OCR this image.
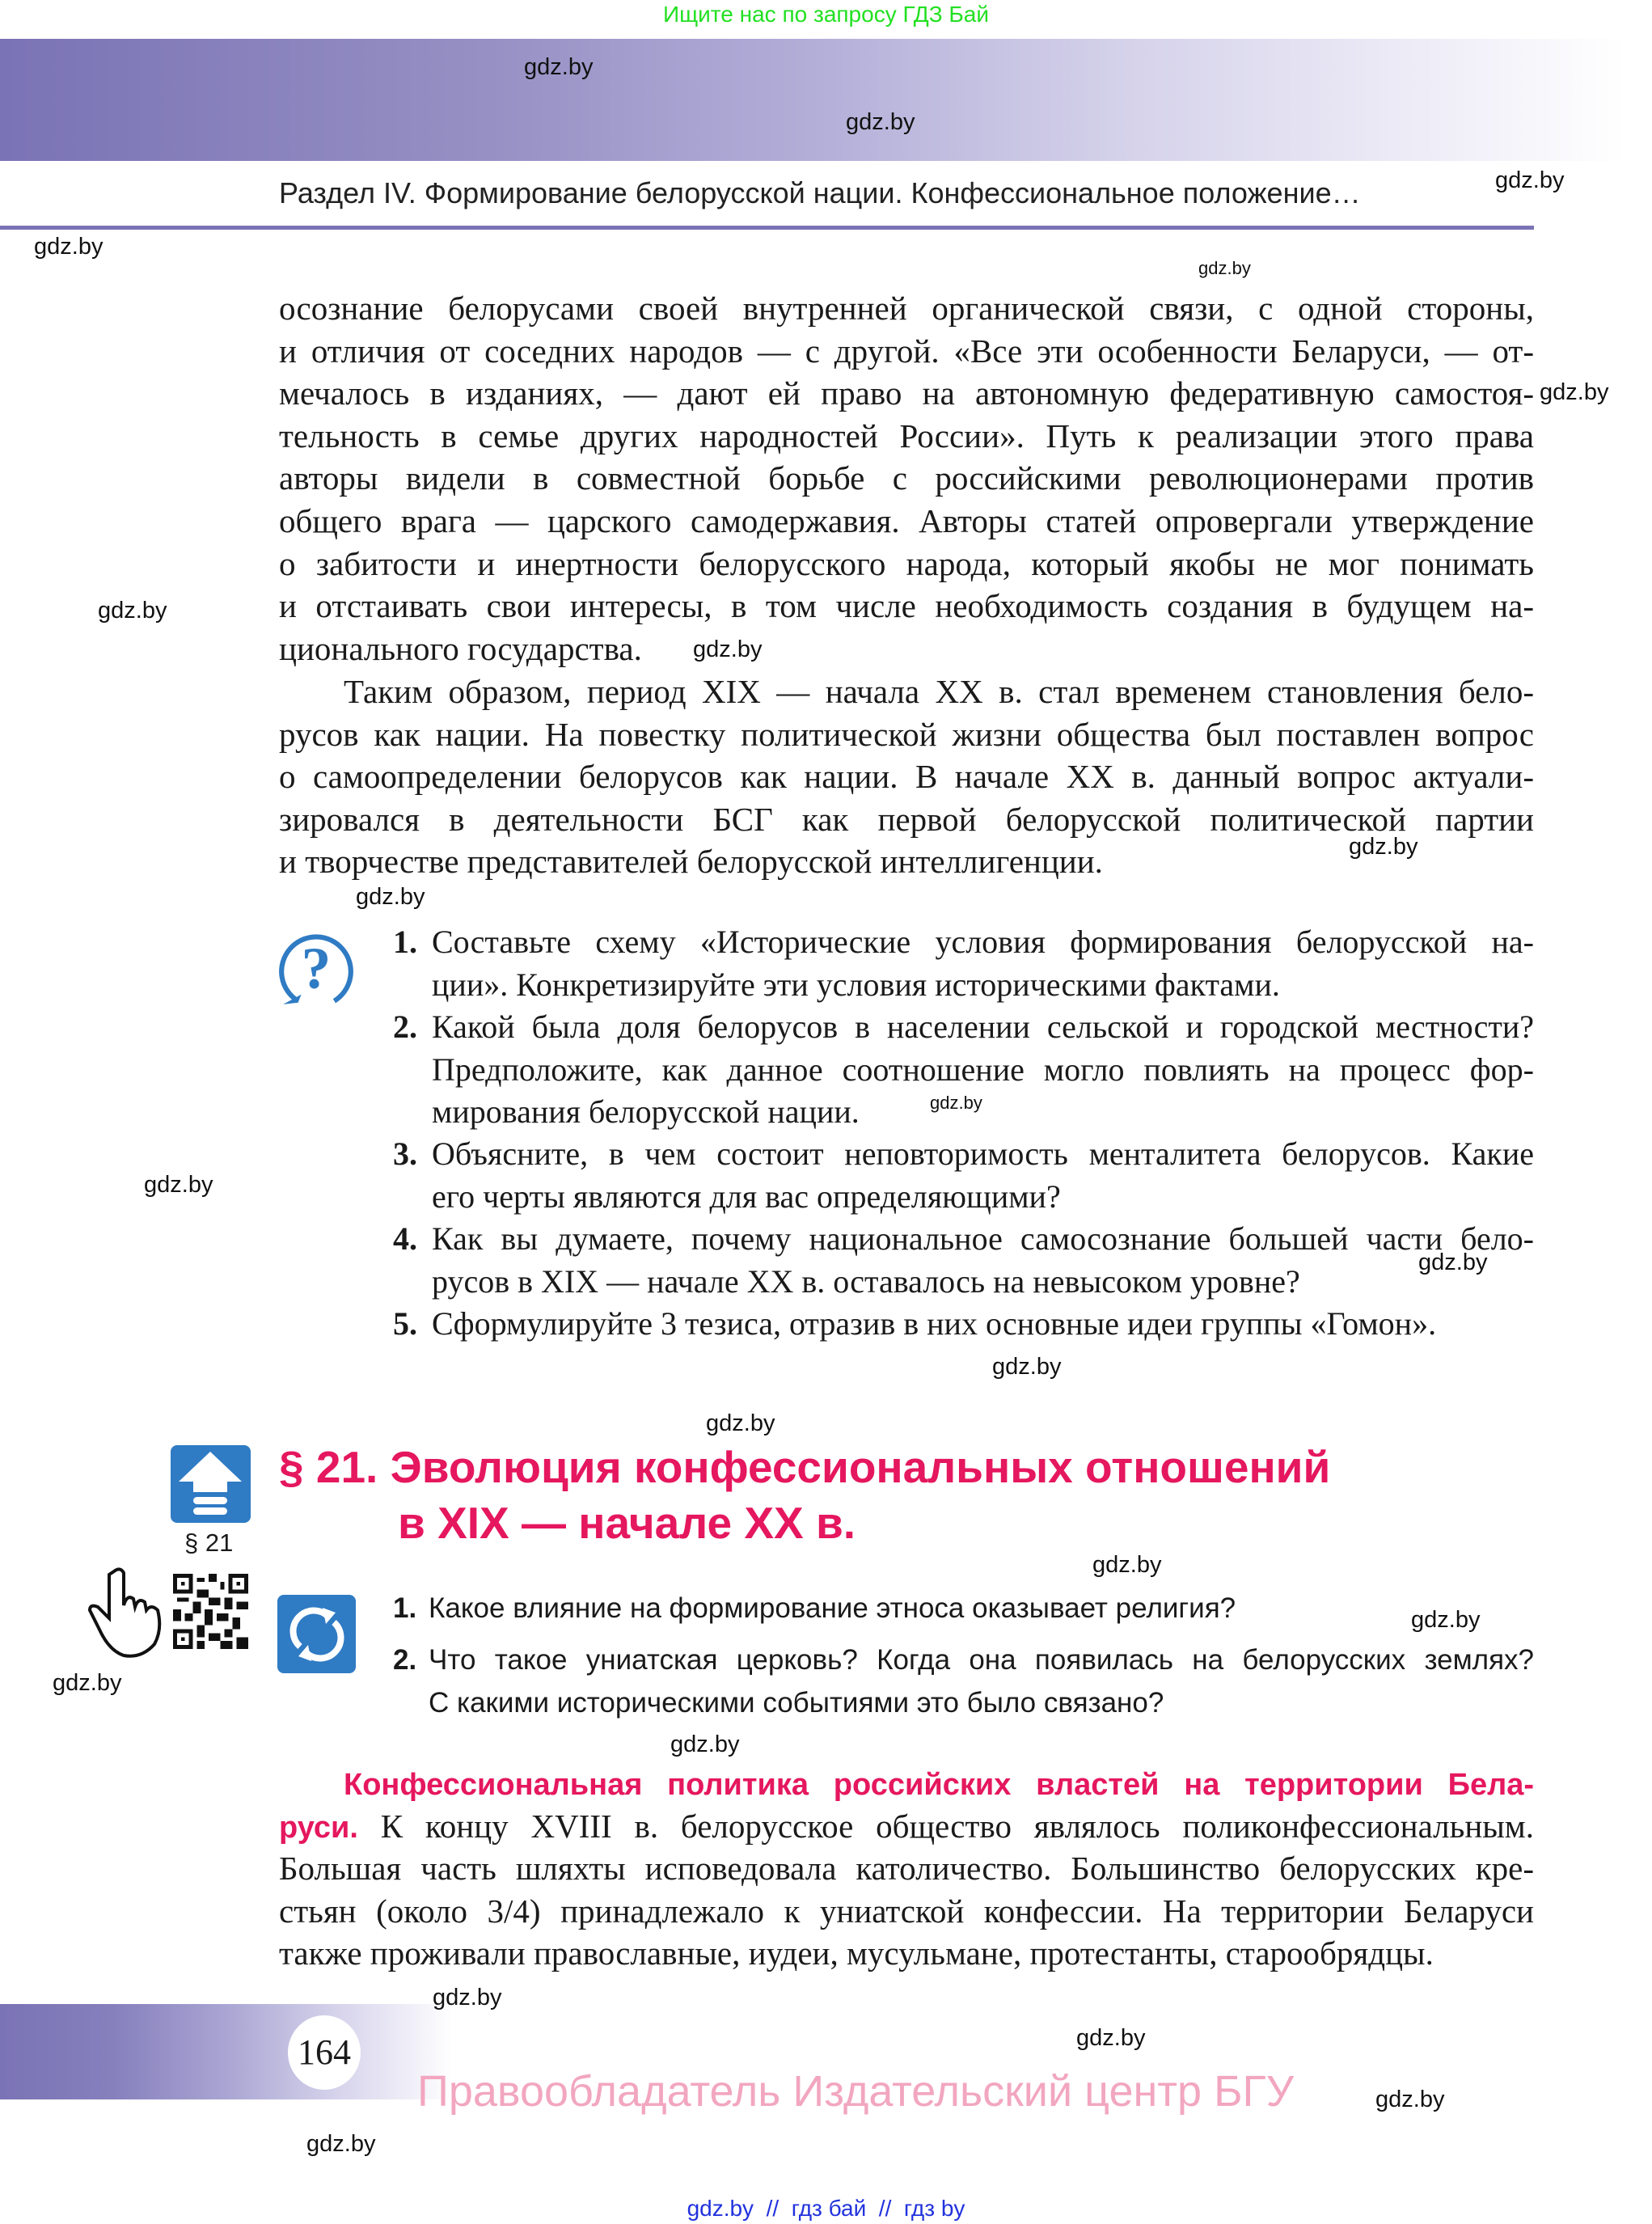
Ищите нас по запросу ГДЗ Бай
Раздел IV. Формирование белорусской нации. Конфессиональное положение…
осознание белорусами своей внутренней органической связи, с одной стороны,
и отличия от соседних народов — с другой. «Все эти особенности Беларуси, — от-
мечалось в изданиях, — дают ей право на автономную федеративную самостоя-
тельность в семье других народностей России». Путь к реализации этого права
авторы видели в совместной борьбе с российскими революционерами против
общего врага — царского самодержавия. Авторы статей опровергали утверждение
о забитости и инертности белорусского народа, который якобы не мог понимать
и отстаивать свои интересы, в том числе необходимость создания в будущем на-
ционального государства.
Таким образом, период XIX — начала XX в. стал временем становления бело-
русов как нации. На повестку политической жизни общества был поставлен вопрос
о самоопределении белорусов как нации. В начале XX в. данный вопрос актуали-
зировался в деятельности БСГ как первой белорусской политической партии
и творчестве представителей белорусской интеллигенции.
? 1. Составьте схему «Исторические условия формирования белорусской на-
ции». Конкретизируйте эти условия историческими фактами.
2. Какой была доля белорусов в населении сельской и городской местности?
Предположите, как данное соотношение могло повлиять на процесс фор-
мирования белорусской нации.
3. Объясните, в чем состоит неповторимость менталитета белорусов. Какие
его черты являются для вас определяющими?
4. Как вы думаете, почему национальное самосознание большей части бело-
русов в XIX — начале XX в. оставалось на невысоком уровне?
5. Сформулируйте 3 тезиса, отразив в них основные идеи группы «Гомон».
§ 21
§ 21. Эволюция конфессиональных отношений
в XIX — начале XX в.
1. Какое влияние на формирование этноса оказывает религия?
2. Что такое униатская церковь? Когда она появилась на белорусских землях?
С какими историческими событиями это было связано?
Конфессиональная политика российских властей на территории Бела-
руси. К концу XVIII в. белорусское общество являлось поликонфессиональным.
Большая часть шляхты исповедовала католичество. Большинство белорусских кре-
стьян (около 3/4) принадлежало к униатской конфессии. На территории Беларуси
также проживали православные, иудеи, мусульмане, протестанты, старообрядцы.
164
Правообладатель Издательский центр БГУ
gdz.by  //  гдз бай  //  гдз by
gdz.by
gdz.by
gdz.by
gdz.by
gdz.by
gdz.by
gdz.by
gdz.by
gdz.by
gdz.by
gdz.by
gdz.by
gdz.by
gdz.by
gdz.by
gdz.by
gdz.by
gdz.by
gdz.by
gdz.by
gdz.by
gdz.by
gdz.by
